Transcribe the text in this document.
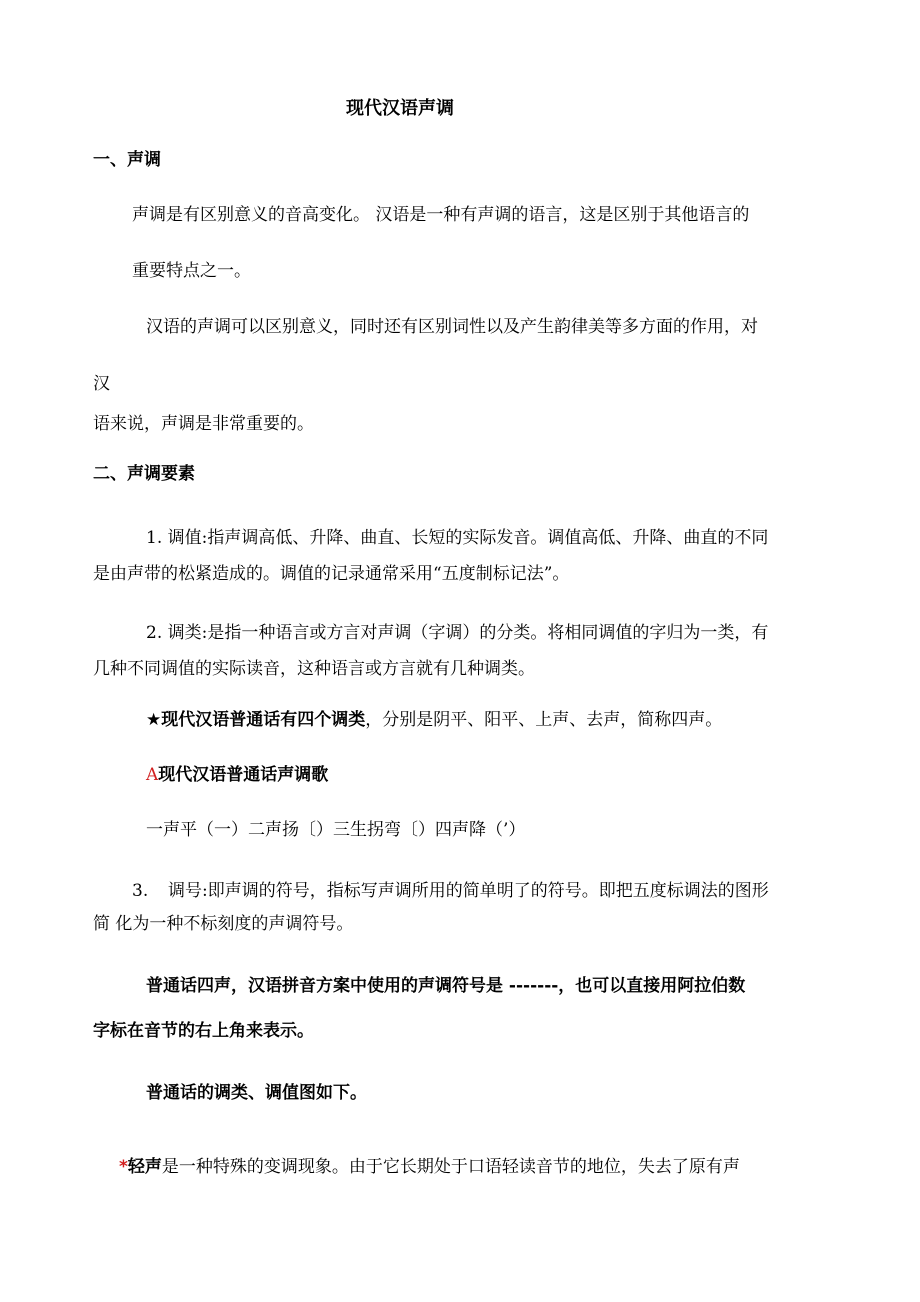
现代汉语声调
一、声调
声调是有区别意义的音高变化。 汉语是一种有声调的语言，这是区别于其他语言的
重要特点之一。
汉语的声调可以区别意义，同时还有区别词性以及产生韵律美等多方面的作用，对
汉
语来说，声调是非常重要的。
二、声调要素
1. 调值:指声调高低、升降、曲直、长短的实际发音。调值高低、升降、曲直的不同
是由声带的松紧造成的。调值的记录通常采用“五度制标记法”。
2. 调类:是指一种语言或方言对声调（字调）的分类。将相同调值的字归为一类，有
几种不同调值的实际读音，这种语言或方言就有几种调类。
★现代汉语普通话有四个调类，分别是阴平、阳平、上声、去声，简称四声。
A现代汉语普通话声调歌
一声平（一）二声扬〔）三生拐弯〔）四声降（’）
3. 调号:即声调的符号，指标写声调所用的简单明了的符号。即把五度标调法的图形
简 化为一种不标刻度的声调符号。
普通话四声，汉语拼音方案中使用的声调符号是 -------，也可以直接用阿拉伯数
字标在音节的右上角来表示。
普通话的调类、调值图如下。
*轻声是一种特殊的变调现象。由于它长期处于口语轻读音节的地位，失去了原有声
